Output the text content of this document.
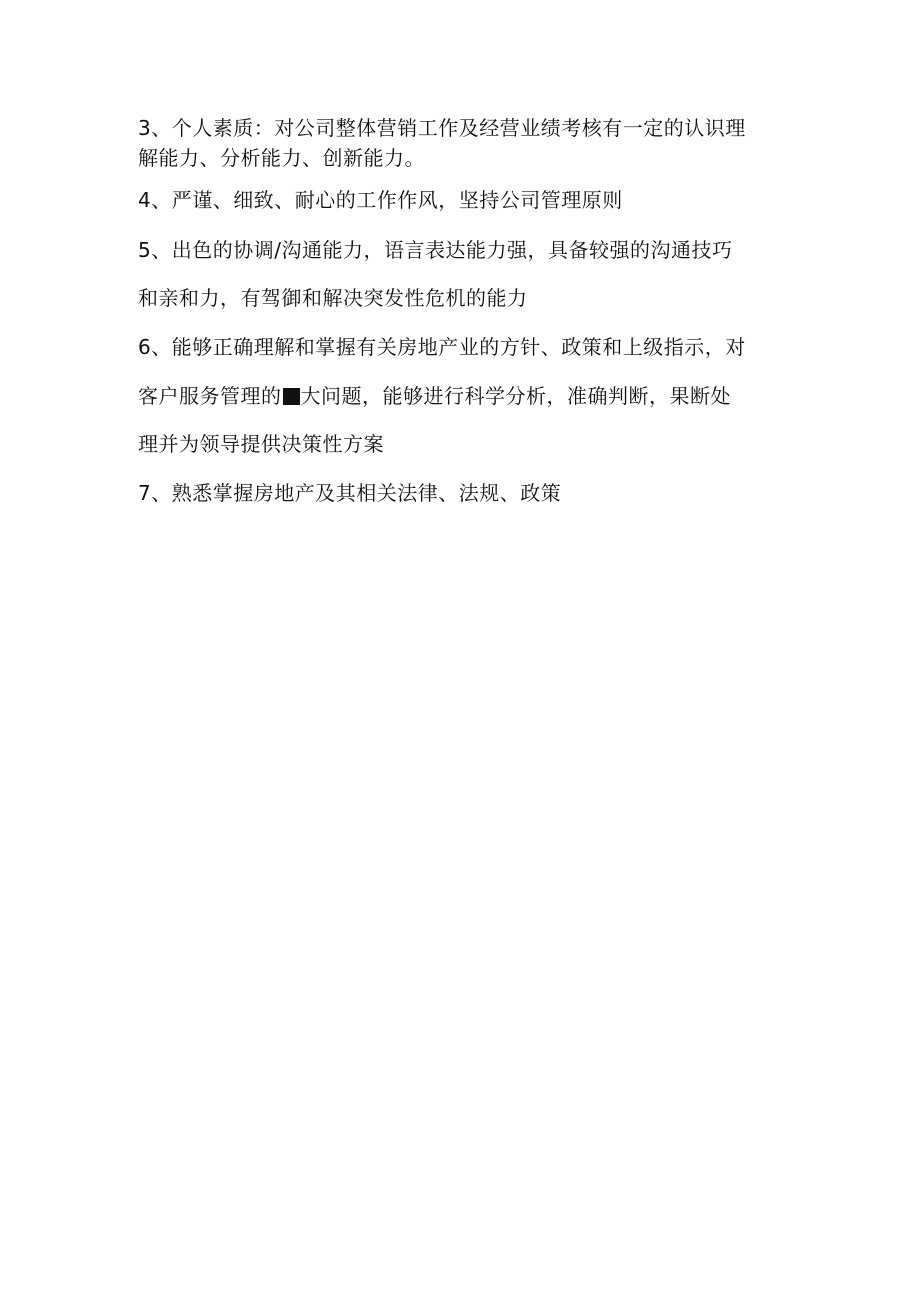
3、个人素质：对公司整体营销工作及经营业绩考核有一定的认识理
解能力、分析能力、创新能力。
4、严谨、细致、耐心的工作作风，坚持公司管理原则
5、出色的协调/沟通能力，语言表达能力强，具备较强的沟通技巧
和亲和力，有驾御和解决突发性危机的能力
6、能够正确理解和掌握有关房地产业的方针、政策和上级指示，对
客户服务管理的 大问题，能够进行科学分析，准确判断，果断处
理并为领导提供决策性方案
7、熟悉掌握房地产及其相关法律、法规、政策
